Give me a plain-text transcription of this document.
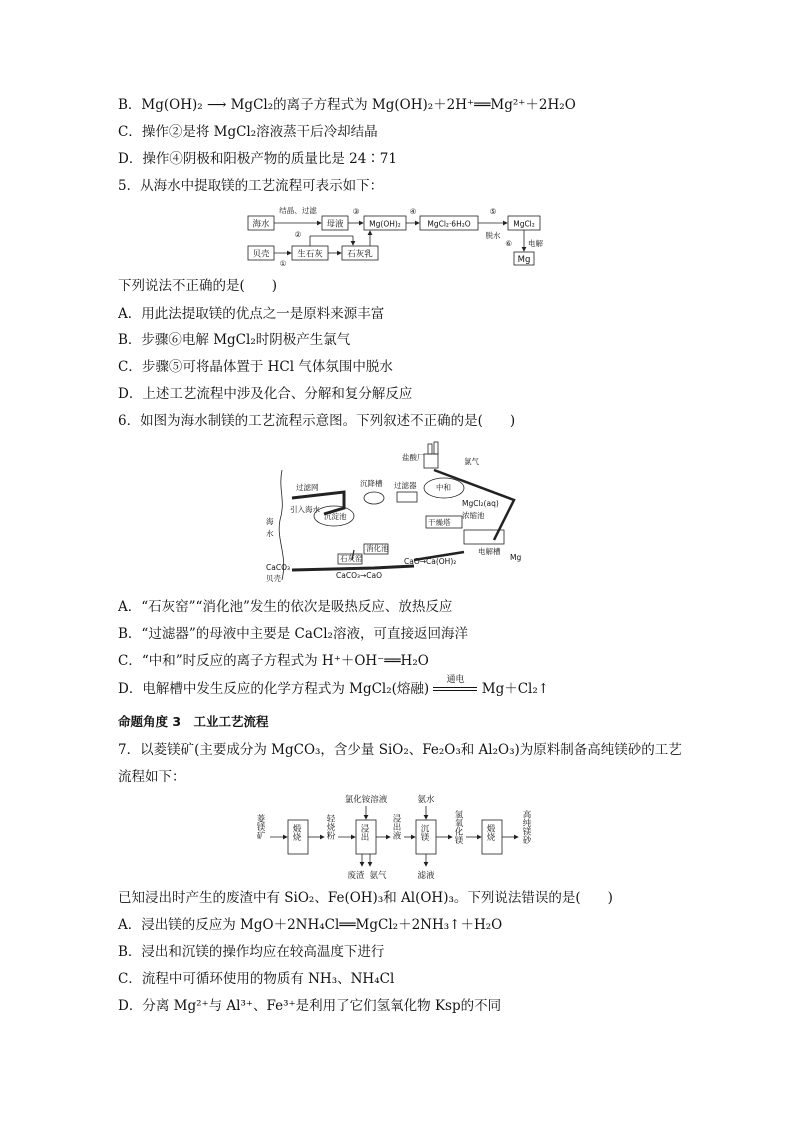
B．Mg(OH)₂ ⟶ MgCl₂的离子方程式为 Mg(OH)₂＋2H⁺══Mg²⁺＋2H₂O
C．操作②是将 MgCl₂溶液蒸干后冷却结晶
D．操作④阴极和阳极产物的质量比是 24∶71
5．从海水中提取镁的工艺流程可表示如下：
海水	母液	Mg(OH)₂	MgCl₂·6H₂O	MgCl₂
贝壳	生石灰	石灰乳
Mg
结晶、过滤
②
③	④	⑤
脱水
⑥ 电解
①
下列说法不正确的是(　　)
A．用此法提取镁的优点之一是原料来源丰富
B．步骤⑥电解 MgCl₂时阴极产生氯气
C．步骤⑤可将晶体置于 HCl 气体氛围中脱水
D．上述工艺流程中涉及化合、分解和复分解反应
6．如图为海水制镁的工艺流程示意图。下列叙述不正确的是(　　)
盐酸厂	氯气
过滤网	沉降槽 过滤器	中和
引入海水
海
水
沉淀池
MgCl₂(aq)
干燥塔
浓缩池
Mg
电解槽
CaCO₃
贝壳
石灰窑
消化池
CaO→Ca(OH)₂
CaCO₃→CaO
A．“石灰窑”“消化池”发生的依次是吸热反应、放热反应
B．“过滤器”的母液中主要是 CaCl₂溶液，可直接返回海洋
C．“中和”时反应的离子方程式为 H⁺＋OH⁻══H₂O
D．电解槽中发生反应的化学方程式为 MgCl₂(熔融)
通电
Mg＋Cl₂↑
命题角度 3　工业工艺流程
7．以菱镁矿(主要成分为 MgCO₃，含少量 SiO₂、Fe₂O₃和 Al₂O₃)为原料制备高纯镁砂的工艺
流程如下：
氯化铵溶液	氨水
菱镁矿	煅烧	轻烧粉	浸出	浸出液 沉镁	氢氧化镁	煅烧	高纯镁砂
废渣 氨气	滤液
已知浸出时产生的废渣中有 SiO₂、Fe(OH)₃和 Al(OH)₃。下列说法错误的是(　　)
A．浸出镁的反应为 MgO＋2NH₄Cl══MgCl₂＋2NH₃↑＋H₂O
B．浸出和沉镁的操作均应在较高温度下进行
C．流程中可循环使用的物质有 NH₃、NH₄Cl
D．分离 Mg²⁺与 Al³⁺、Fe³⁺是利用了它们氢氧化物 Ksp的不同
